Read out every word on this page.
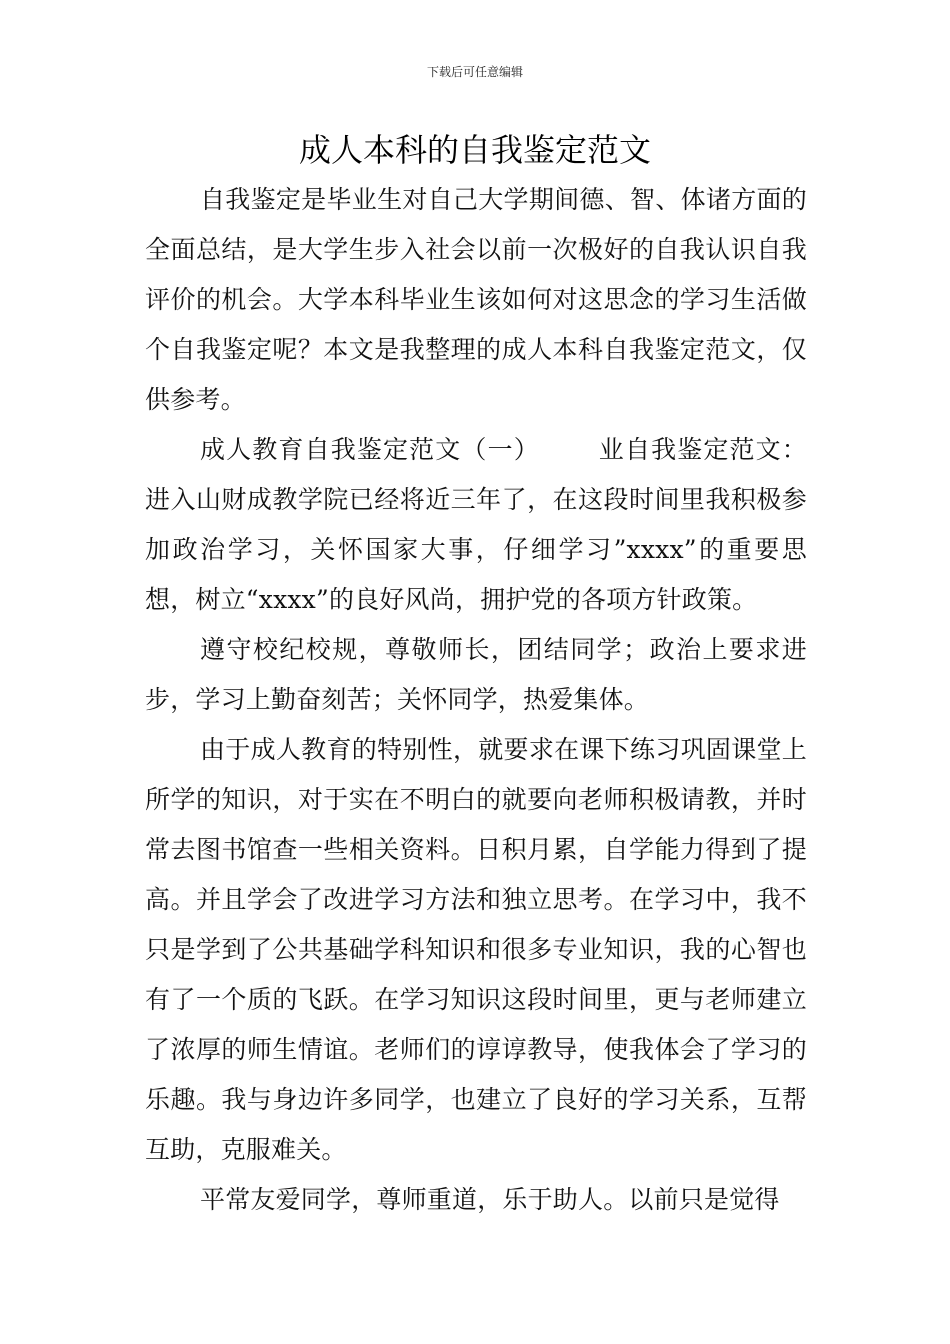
下载后可任意编辑
成人本科的自我鉴定范文

自我鉴定是毕业生对自己大学期间德、智、体诸方面的全面总结，是大学生步入社会以前一次极好的自我认识自我评价的机会。大学本科毕业生该如何对这思念的学习生活做个自我鉴定呢？本文是我整理的成人本科自我鉴定范文，仅供参考。

成人教育自我鉴定范文（一） 业自我鉴定范文：进入山财成教学院已经将近三年了，在这段时间里我积极参加政治学习，关怀国家大事，仔细学习”xxxx”的重要思想，树立“xxxx”的良好风尚，拥护党的各项方针政策。

遵守校纪校规，尊敬师长，团结同学；政治上要求进步，学习上勤奋刻苦；关怀同学，热爱集体。

由于成人教育的特别性，就要求在课下练习巩固课堂上所学的知识，对于实在不明白的就要向老师积极请教，并时常去图书馆查一些相关资料。日积月累，自学能力得到了提高。并且学会了改进学习方法和独立思考。在学习中，我不只是学到了公共基础学科知识和很多专业知识，我的心智也有了一个质的飞跃。在学习知识这段时间里，更与老师建立了浓厚的师生情谊。老师们的谆谆教导，使我体会了学习的乐趣。我与身边许多同学，也建立了良好的学习关系，互帮互助，克服难关。

平常友爱同学，尊师重道，乐于助人。以前只是觉得
